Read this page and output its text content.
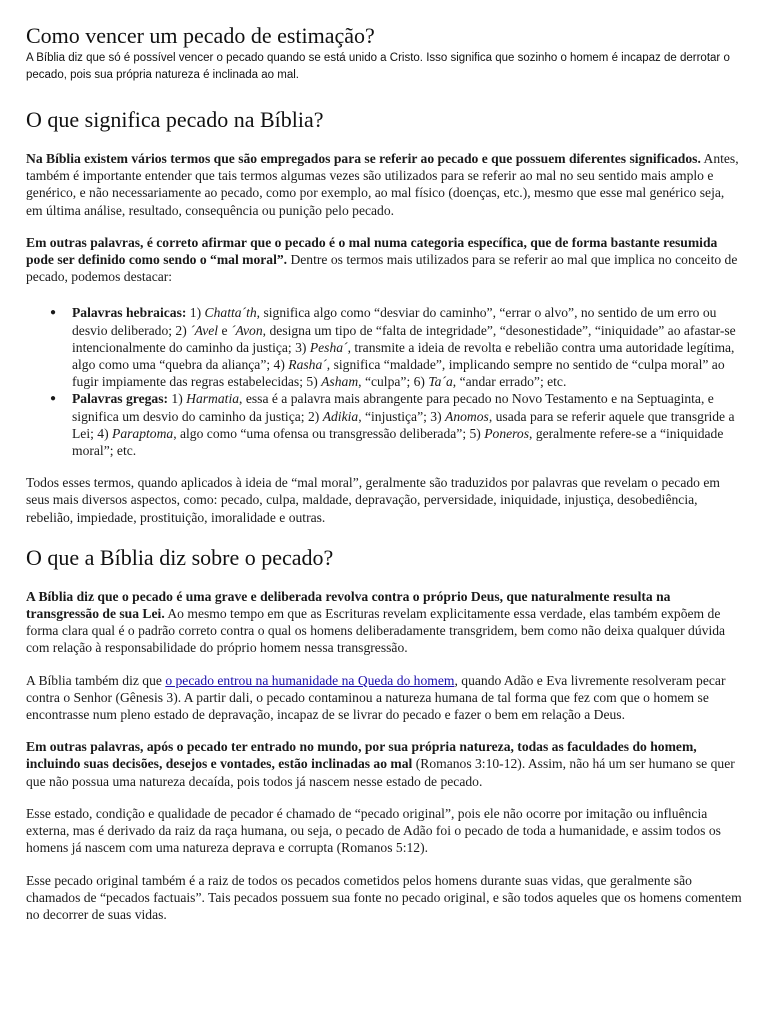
Como vencer um pecado de estimação?

A Bíblia diz que só é possível vencer o pecado quando se está unido a Cristo. Isso significa que sozinho o homem é incapaz de derrotar o pecado, pois sua própria natureza é inclinada ao mal.

O que significa pecado na Bíblia?

Na Bíblia existem vários termos que são empregados para se referir ao pecado e que possuem diferentes significados. Antes, também é importante entender que tais termos algumas vezes são utilizados para se referir ao mal no seu sentido mais amplo e genérico, e não necessariamente ao pecado, como por exemplo, ao mal físico (doenças, etc.), mesmo que esse mal genérico seja, em última análise, resultado, consequência ou punição pelo pecado.

Em outras palavras, é correto afirmar que o pecado é o mal numa categoria específica, que de forma bastante resumida pode ser definido como sendo o “mal moral”. Dentre os termos mais utilizados para se referir ao mal que implica no conceito de pecado, podemos destacar:

● Palavras hebraicas: 1) Chatta´th, significa algo como “desviar do caminho”, “errar o alvo”, no sentido de um erro ou desvio deliberado; 2) ´Avel e ´Avon, designa um tipo de “falta de integridade”, “desonestidade”, “iniquidade” ao afastar-se intencionalmente do caminho da justiça; 3) Pesha´, transmite a ideia de revolta e rebelião contra uma autoridade legítima, algo como uma “quebra da aliança”; 4) Rasha´, significa “maldade”, implicando sempre no sentido de “culpa moral” ao fugir impiamente das regras estabelecidas; 5) Asham, “culpa”; 6) Ta´a, “andar errado”; etc.
● Palavras gregas: 1) Harmatia, essa é a palavra mais abrangente para pecado no Novo Testamento e na Septuaginta, e significa um desvio do caminho da justiça; 2) Adikia, “injustiça”; 3) Anomos, usada para se referir aquele que transgride a Lei; 4) Paraptoma, algo como “uma ofensa ou transgressão deliberada”; 5) Poneros, geralmente refere-se a “iniquidade moral”; etc.

Todos esses termos, quando aplicados à ideia de “mal moral”, geralmente são traduzidos por palavras que revelam o pecado em seus mais diversos aspectos, como: pecado, culpa, maldade, depravação, perversidade, iniquidade, injustiça, desobediência, rebelião, impiedade, prostituição, imoralidade e outras.

O que a Bíblia diz sobre o pecado?

A Bíblia diz que o pecado é uma grave e deliberada revolva contra o próprio Deus, que naturalmente resulta na transgressão de sua Lei. Ao mesmo tempo em que as Escrituras revelam explicitamente essa verdade, elas também expõem de forma clara qual é o padrão correto contra o qual os homens deliberadamente transgridem, bem como não deixa qualquer dúvida com relação à responsabilidade do próprio homem nessa transgressão.

A Bíblia também diz que o pecado entrou na humanidade na Queda do homem, quando Adão e Eva livremente resolveram pecar contra o Senhor (Gênesis 3). A partir dali, o pecado contaminou a natureza humana de tal forma que fez com que o homem se encontrasse num pleno estado de depravação, incapaz de se livrar do pecado e fazer o bem em relação a Deus.

Em outras palavras, após o pecado ter entrado no mundo, por sua própria natureza, todas as faculdades do homem, incluindo suas decisões, desejos e vontades, estão inclinadas ao mal (Romanos 3:10-12). Assim, não há um ser humano se quer que não possua uma natureza decaída, pois todos já nascem nesse estado de pecado.

Esse estado, condição e qualidade de pecador é chamado de “pecado original”, pois ele não ocorre por imitação ou influência externa, mas é derivado da raiz da raça humana, ou seja, o pecado de Adão foi o pecado de toda a humanidade, e assim todos os homens já nascem com uma natureza deprava e corrupta (Romanos 5:12).

Esse pecado original também é a raiz de todos os pecados cometidos pelos homens durante suas vidas, que geralmente são chamados de “pecados factuais”. Tais pecados possuem sua fonte no pecado original, e são todos aqueles que os homens comentem no decorrer de suas vidas.
